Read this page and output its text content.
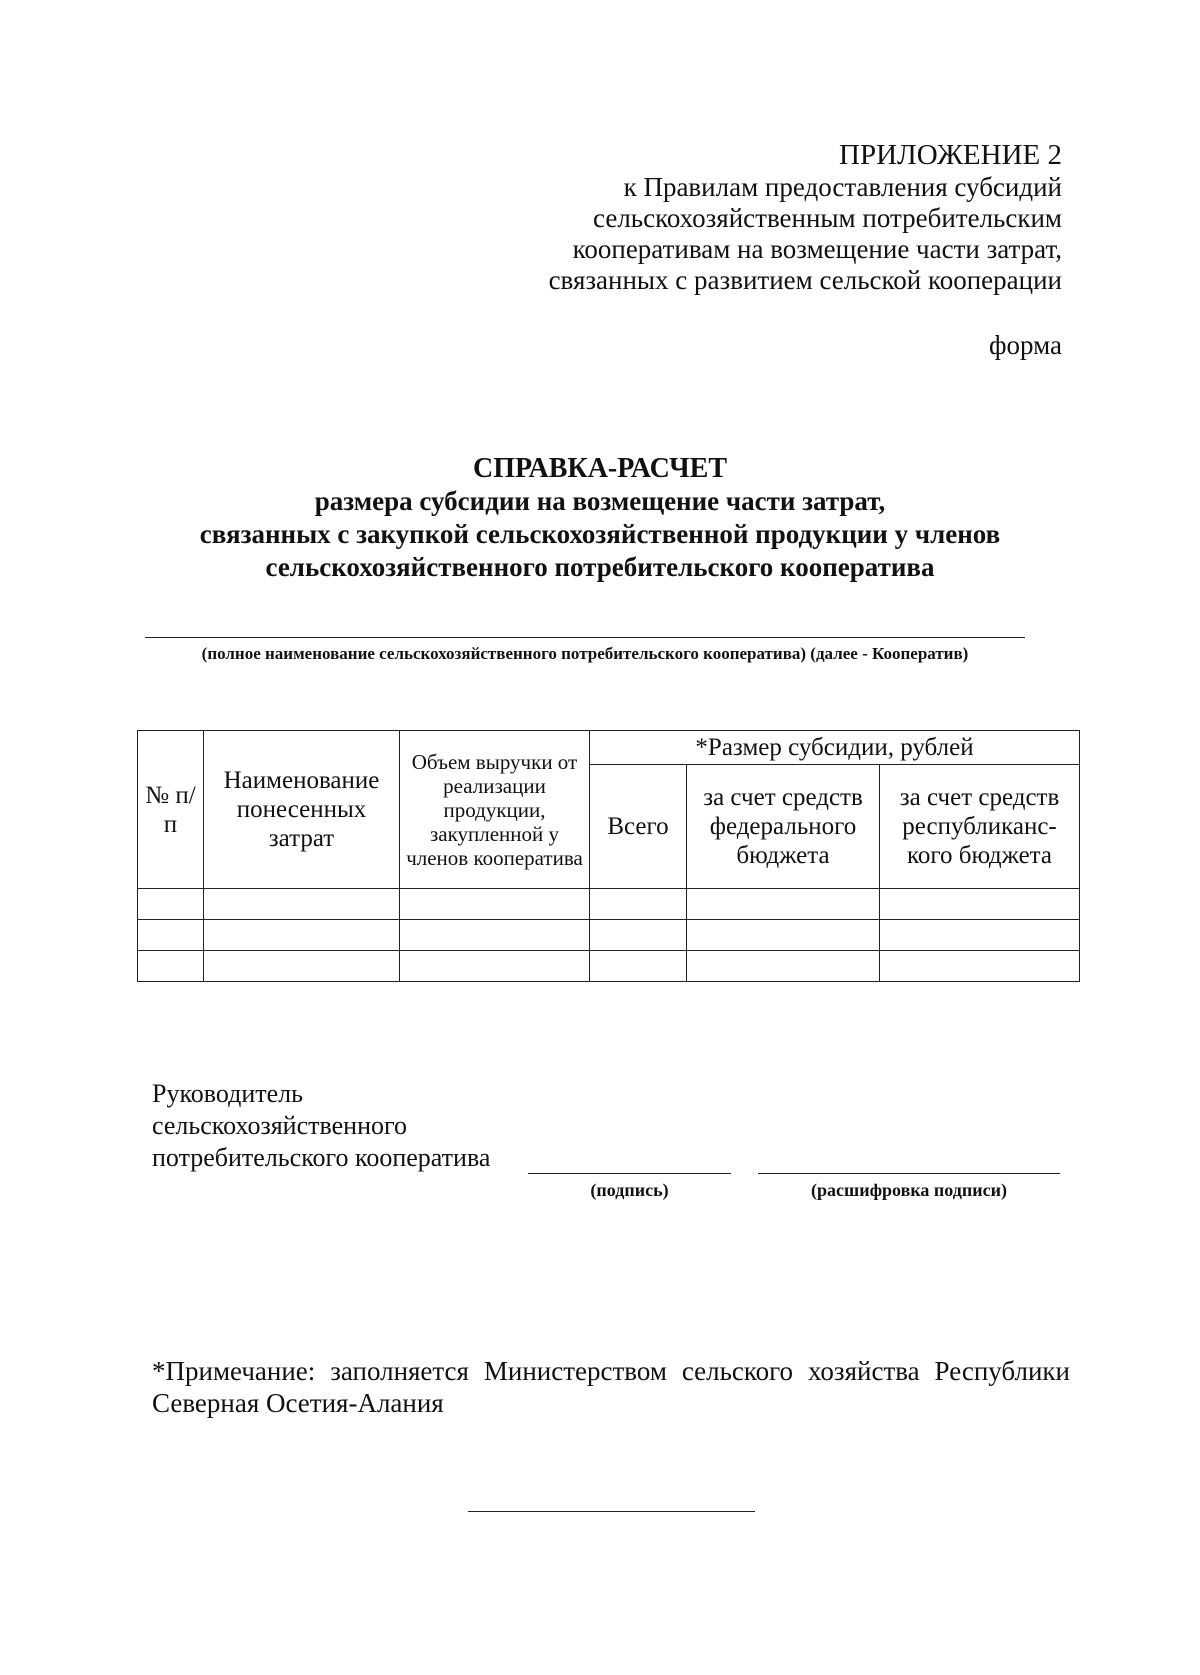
ПРИЛОЖЕНИЕ 2
к Правилам предоставления субсидий
сельскохозяйственным потребительским
кооперативам на возмещение части затрат,
связанных с развитием сельской кооперации
форма
СПРАВКА-РАСЧЕТ
размера субсидии на возмещение части затрат,
связанных с закупкой сельскохозяйственной продукции у членов
сельскохозяйственного потребительского кооператива
(полное наименование сельскохозяйственного потребительского кооператива) (далее - Кооператив)
№ п/п	Наименование понесенных затрат	Объем выручки от реализации продукции, закупленной у членов кооператива	*Размер субсидии, рублей		
			Всего	за счет средств федерального бюджета	за счет средств республиканс-кого бюджета

Руководитель
сельскохозяйственного
потребительского кооператива
(подпись)	(расшифровка подписи)
*Примечание: заполняется Министерством сельского хозяйства Республики Северная Осетия-Алания
